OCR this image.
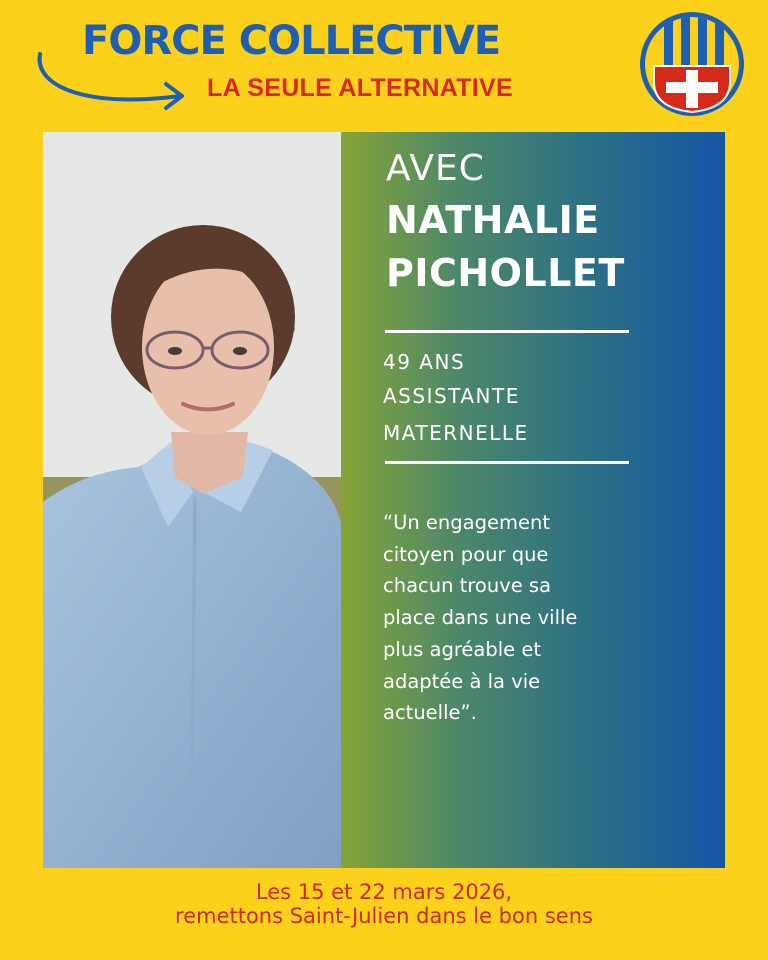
FORCE COLLECTIVE
LA SEULE ALTERNATIVE
AVEC
NATHALIE
PICHOLLET
49 ANS
ASSISTANTE
MATERNELLE
“Un engagement
citoyen pour que
chacun trouve sa
place dans une ville
plus agréable et
adaptée à la vie
actuelle”.
Les 15 et 22 mars 2026,
remettons Saint-Julien dans le bon sens
